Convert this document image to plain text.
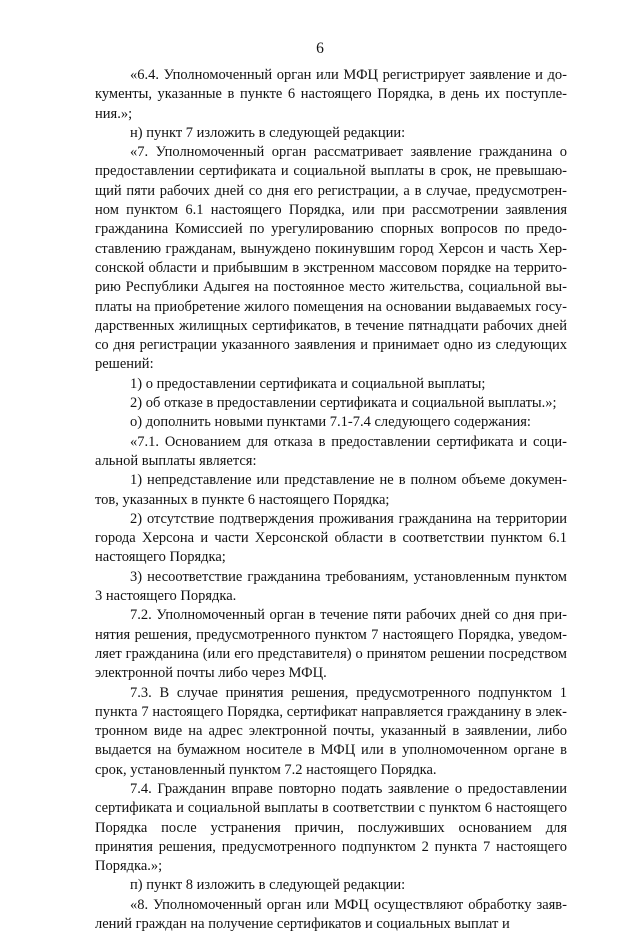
6

«6.4. Уполномоченный орган или МФЦ регистрирует заявление и документы, указанные в пункте 6 настоящего Порядка, в день их поступления.»;

н) пункт 7 изложить в следующей редакции:

«7. Уполномоченный орган рассматривает заявление гражданина о предоставлении сертификата и социальной выплаты в срок, не превышающий пяти рабочих дней со дня его регистрации, а в случае, предусмотренном пунктом 6.1 настоящего Порядка, или при рассмотрении заявления гражданина Комиссией по урегулированию спорных вопросов по предоставлению гражданам, вынуждено покинувшим город Херсон и часть Херсонской области и прибывшим в экстренном массовом порядке на территорию Республики Адыгея на постоянное место жительства, социальной выплаты на приобретение жилого помещения на основании выдаваемых государственных жилищных сертификатов, в течение пятнадцати рабочих дней со дня регистрации указанного заявления и принимает одно из следующих решений:

1) о предоставлении сертификата и социальной выплаты;

2) об отказе в предоставлении сертификата и социальной выплаты.»;

о) дополнить новыми пунктами 7.1-7.4 следующего содержания:

«7.1. Основанием для отказа в предоставлении сертификата и социальной выплаты является:

1) непредставление или представление не в полном объеме документов, указанных в пункте 6 настоящего Порядка;

2) отсутствие подтверждения проживания гражданина на территории города Херсона и части Херсонской области в соответствии пунктом 6.1 настоящего Порядка;

3) несоответствие гражданина требованиям, установленным пунктом 3 настоящего Порядка.

7.2. Уполномоченный орган в течение пяти рабочих дней со дня принятия решения, предусмотренного пунктом 7 настоящего Порядка, уведомляет гражданина (или его представителя) о принятом решении посредством электронной почты либо через МФЦ.

7.3. В случае принятия решения, предусмотренного подпунктом 1 пункта 7 настоящего Порядка, сертификат направляется гражданину в электронном виде на адрес электронной почты, указанный в заявлении, либо выдается на бумажном носителе в МФЦ или в уполномоченном органе в срок, установленный пунктом 7.2 настоящего Порядка.

7.4. Гражданин вправе повторно подать заявление о предоставлении сертификата и социальной выплаты в соответствии с пунктом 6 настоящего Порядка после устранения причин, послуживших основанием для принятия решения, предусмотренного подпунктом 2 пункта 7 настоящего Порядка.»;

п) пункт 8 изложить в следующей редакции:

«8. Уполномоченный орган или МФЦ осуществляют обработку заявлений граждан на получение сертификатов и социальных выплат и
